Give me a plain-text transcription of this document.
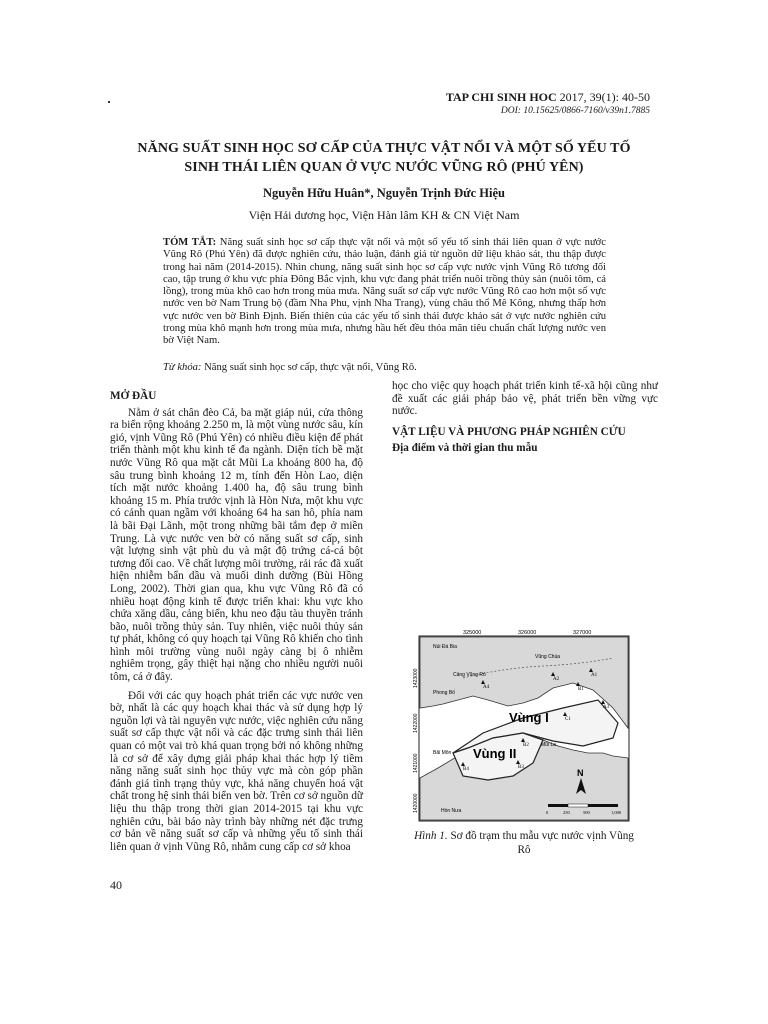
TAP CHI SINH HOC 2017, 39(1): 40-50
DOI: 10.15625/0866-7160/v39n1.7885
NĂNG SUẤT SINH HỌC SƠ CẤP CỦA THỰC VẬT NỔI VÀ MỘT SỐ YẾU TỐ
SINH THÁI LIÊN QUAN Ở VỰC NƯỚC VŨNG RÔ (PHÚ YÊN)
Nguyễn Hữu Huân*, Nguyễn Trịnh Đức Hiệu
Viện Hải dương học, Viện Hàn lâm KH & CN Việt Nam
TÓM TẮT: Năng suất sinh học sơ cấp thực vật nổi và một số yếu tố sinh thái liên quan ở vực nước Vũng Rô (Phú Yên) đã được nghiên cứu, thảo luận, đánh giá từ nguồn dữ liệu khảo sát, thu thập được trong hai năm (2014-2015). Nhìn chung, năng suất sinh học sơ cấp vực nước vịnh Vũng Rô tương đối cao, tập trung ở khu vực phía Đông Bắc vịnh, khu vực đang phát triển nuôi trồng thủy sản (nuôi tôm, cá lồng), trong mùa khô cao hơn trong mùa mưa. Năng suất sơ cấp vực nước Vũng Rô cao hơn một số vực nước ven bờ Nam Trung bộ (đầm Nha Phu, vịnh Nha Trang), vùng châu thổ Mê Kông, nhưng thấp hơn vực nước ven bờ Bình Định. Biến thiên của các yếu tố sinh thái được khảo sát ở vực nước nghiên cứu trong mùa khô mạnh hơn trong mùa mưa, nhưng hầu hết đều thỏa mãn tiêu chuẩn chất lượng nước ven bờ Việt Nam.
Từ khóa: Năng suất sinh học sơ cấp, thực vật nổi, Vũng Rô.
MỞ ĐẦU

Nằm ở sát chân đèo Cả, ba mặt giáp núi, cửa thông ra biển rộng khoảng 2.250 m, là một vùng nước sâu, kín gió, vịnh Vũng Rô (Phú Yên) có nhiều điều kiện để phát triển thành một khu kinh tế đa ngành. Diện tích bề mặt nước Vũng Rô qua mặt cắt Mũi La khoảng 800 ha, độ sâu trung bình khoảng 12 m, tính đến Hòn Lao, diện tích mặt nước khoảng 1.400 ha, độ sâu trung bình khoảng 15 m. Phía trước vịnh là Hòn Nưa, một khu vực có cảnh quan ngầm với khoảng 64 ha san hô, phía nam là bãi Đại Lãnh, một trong những bãi tắm đẹp ở miền Trung. Là vực nước ven bờ có năng suất sơ cấp, sinh vật lượng sinh vật phù du và mật độ trứng cá-cá bột tương đối cao. Về chất lượng môi trường, rải rác đã xuất hiện nhiễm bẩn dầu và muối dinh dưỡng (Bùi Hồng Long, 2002). Thời gian qua, khu vực Vũng Rô đã có nhiều hoạt động kinh tế được triển khai: khu vực kho chứa xăng dầu, cảng biển, khu neo đậu tàu thuyền tránh bão, nuôi trồng thủy sản. Tuy nhiên, việc nuôi thủy sản tự phát, không có quy hoạch tại Vũng Rô khiến cho tình hình môi trường vùng nuôi ngày càng bị ô nhiễm nghiêm trọng, gây thiệt hại nặng cho nhiều người nuôi tôm, cá ở đây.

Đối với các quy hoạch phát triển các vực nước ven bờ, nhất là các quy hoạch khai thác và sử dụng hợp lý nguồn lợi và tài nguyên vực nước, việc nghiên cứu năng suất sơ cấp thực vật nổi và các đặc trưng sinh thái liên quan có một vai trò khá quan trọng bởi nó không những là cơ sở để xây dựng giải pháp khai thác hợp lý tiềm năng năng suất sinh học thủy vực mà còn góp phần đánh giá tình trạng thủy vực, khả năng chuyển hoá vật chất trong hệ sinh thái biển ven bờ. Trên cơ sở nguồn dữ liệu thu thập trong thời gian 2014-2015 tại khu vực nghiên cứu, bài báo này trình bày những nét đặc trưng cơ bản về năng suất sơ cấp và những yếu tố sinh thái liên quan ở vịnh Vũng Rô, nhằm cung cấp cơ sở khoa

học cho việc quy hoạch phát triển kinh tế-xã hội cũng như đề xuất các giải pháp bảo vệ, phát triển bền vững vực nước.

VẬT LIỆU VÀ PHƯƠNG PHÁP NGHIÊN CỨU
Địa điểm và thời gian thu mẫu
325000	326000	327000
1423000
1422000
1421000
1420000
Núi Đá Bia
Vũng Chùa
Cảng Vũng Rô
Phong Bố
Mũi La
Bãi Môn
Hòn Nưa
Vùng I
Vùng II
A1
A2
A3
A4	B1
B2
B3
B4
C1
N
0	250	500	1,000
Hình 1. Sơ đồ trạm thu mẫu vực nước vịnh Vũng Rô
40
